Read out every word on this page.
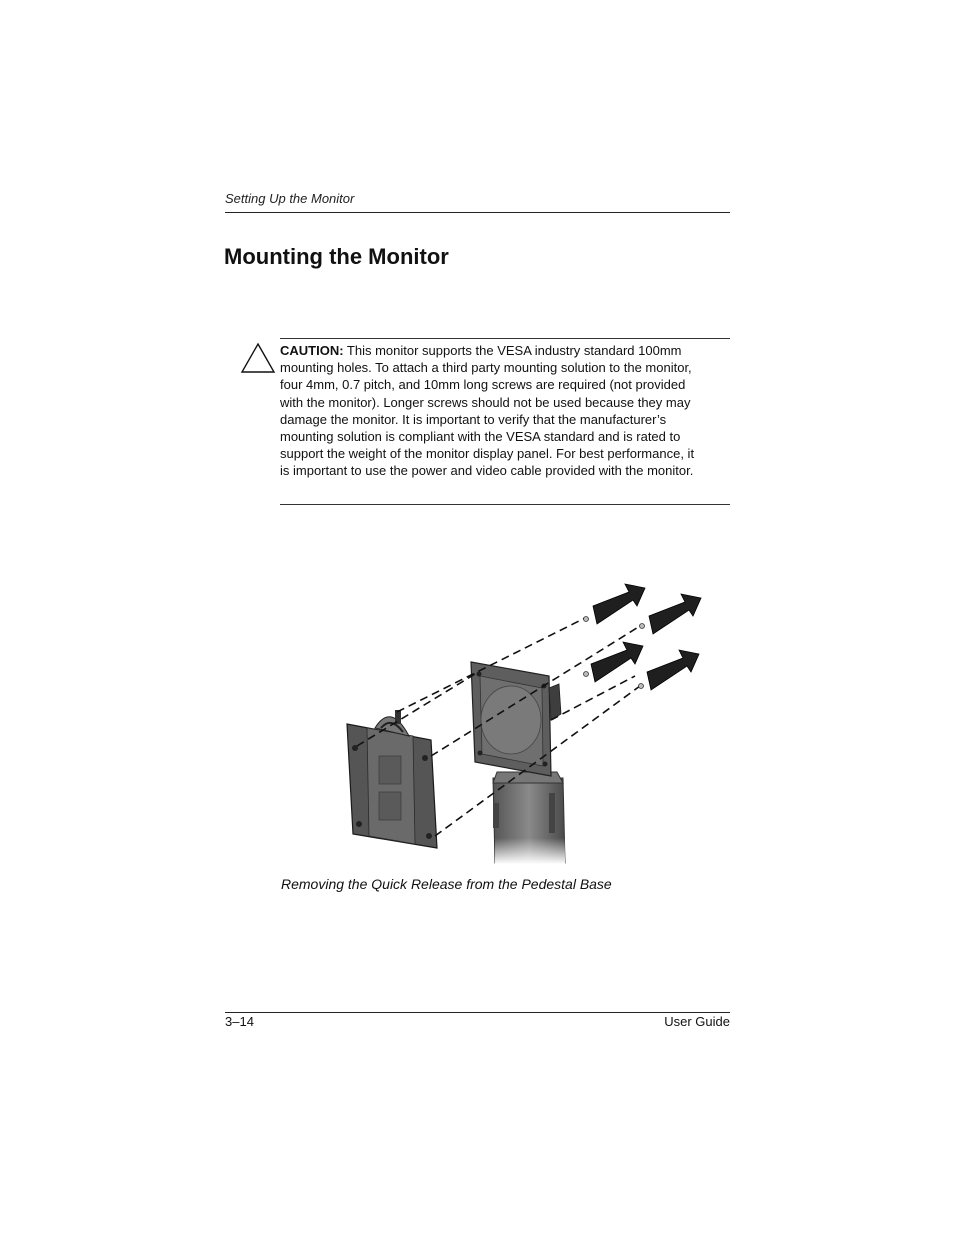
Setting Up the Monitor
Mounting the Monitor
CAUTION: This monitor supports the VESA industry standard 100mm mounting holes. To attach a third party mounting solution to the monitor, four 4mm, 0.7 pitch, and 10mm long screws are required (not provided with the monitor). Longer screws should not be used because they may damage the monitor. It is important to verify that the manufacturer’s mounting solution is compliant with the VESA standard and is rated to support the weight of the monitor display panel. For best performance, it is important to use the power and video cable provided with the monitor.
Removing the Quick Release from the Pedestal Base
3–14	User Guide
